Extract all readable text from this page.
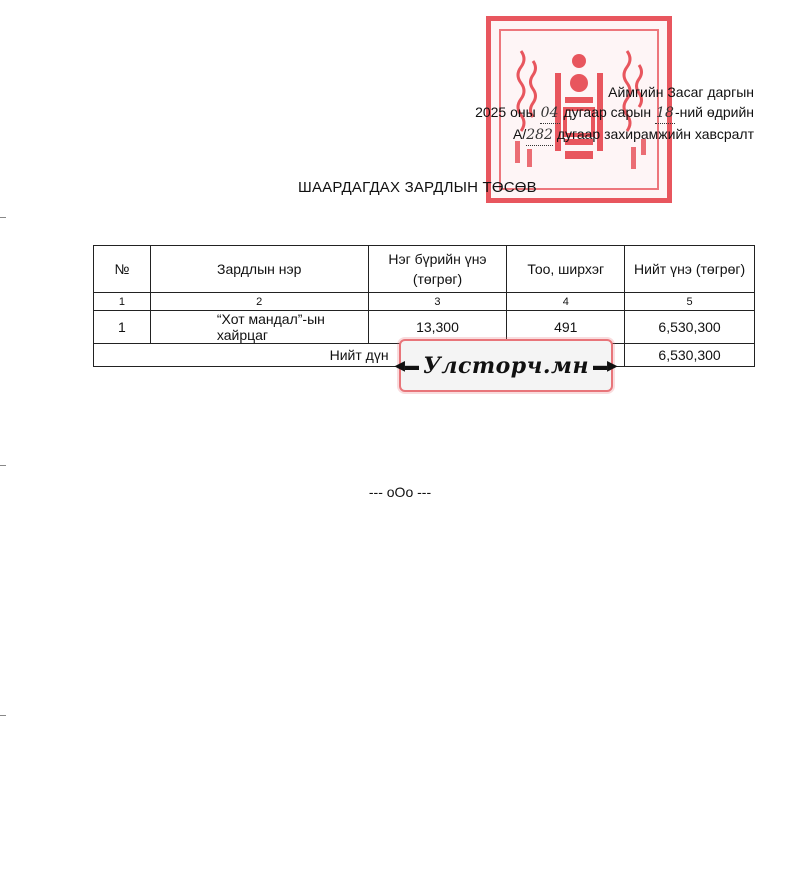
Аймгийн Засаг даргын
2025 оны 04 дугаар сарын 18-ний өдрийн
А/282 дугаар захирамжийн хавсралт
ШААРДАГДАХ ЗАРДЛЫН ТӨСӨВ
№	Зардлын нэр	Нэг бүрийн үнэ (төгрөг)	Тоо, ширхэг	Нийт үнэ (төгрөг)
1	2	3	4	5
1	“Хот мандал”-ын хайрцаг	13,300	491	6,530,300
Нийт дүн				6,530,300
◀▬ Улсторч.мн ▬▶
--- оОо ---
